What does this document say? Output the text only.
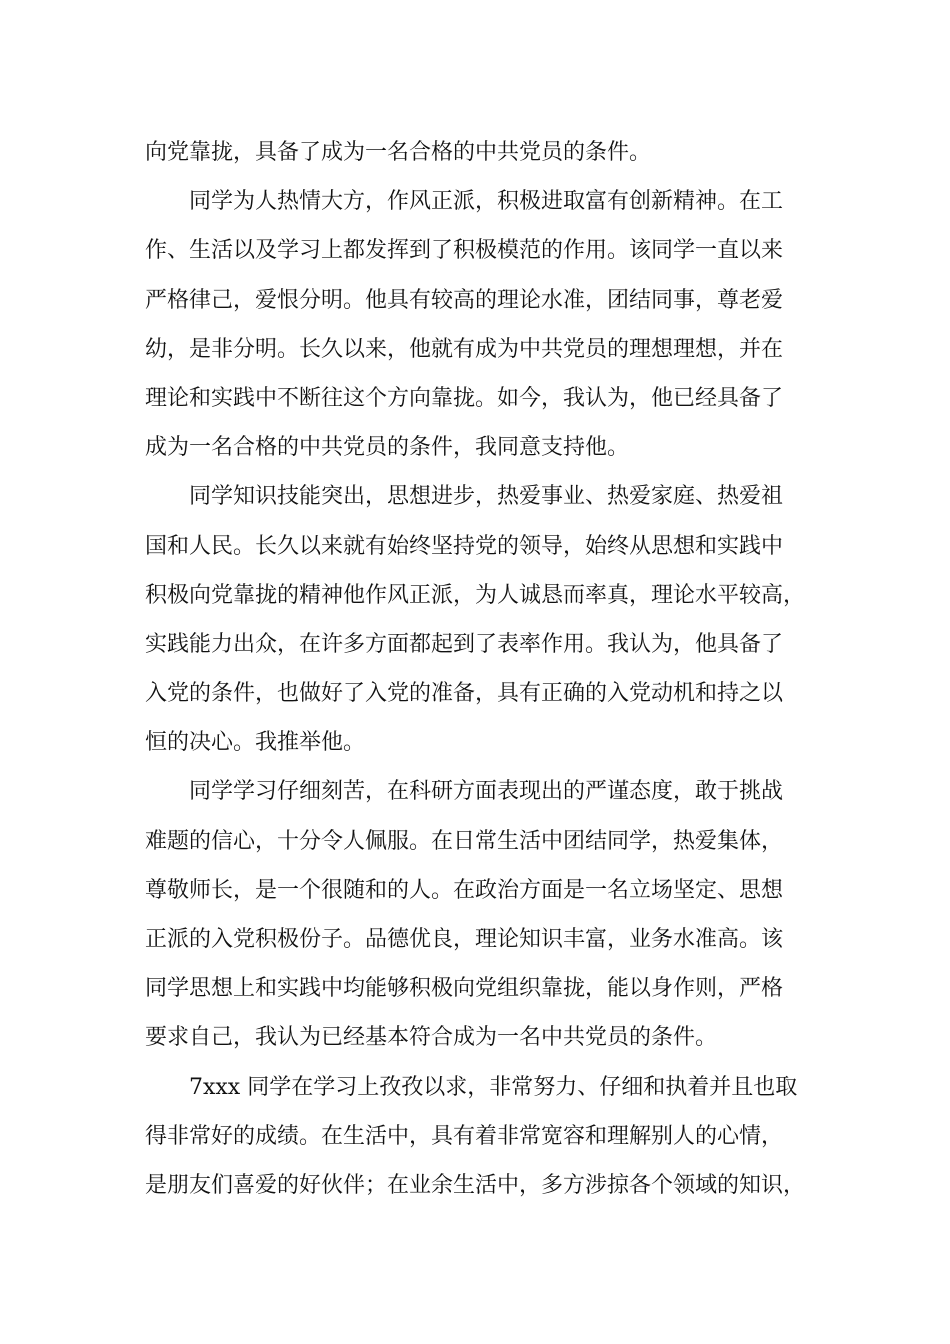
向党靠拢，具备了成为一名合格的中共党员的条件。
同学为人热情大方，作风正派，积极进取富有创新精神。在工
作、生活以及学习上都发挥到了积极模范的作用。该同学一直以来
严格律己，爱恨分明。他具有较高的理论水准，团结同事，尊老爱
幼，是非分明。长久以来，他就有成为中共党员的理想理想，并在
理论和实践中不断往这个方向靠拢。如今，我认为，他已经具备了
成为一名合格的中共党员的条件，我同意支持他。
同学知识技能突出，思想进步，热爱事业、热爱家庭、热爱祖
国和人民。长久以来就有始终坚持党的领导，始终从思想和实践中
积极向党靠拢的精神他作风正派，为人诚恳而率真，理论水平较高，
实践能力出众，在许多方面都起到了表率作用。我认为，他具备了
入党的条件，也做好了入党的准备，具有正确的入党动机和持之以
恒的决心。我推举他。
同学学习仔细刻苦，在科研方面表现出的严谨态度，敢于挑战
难题的信心，十分令人佩服。在日常生活中团结同学，热爱集体，
尊敬师长，是一个很随和的人。在政治方面是一名立场坚定、思想
正派的入党积极份子。品德优良，理论知识丰富，业务水准高。该
同学思想上和实践中均能够积极向党组织靠拢，能以身作则，严格
要求自己，我认为已经基本符合成为一名中共党员的条件。
7xxx 同学在学习上孜孜以求，非常努力、仔细和执着并且也取
得非常好的成绩。在生活中，具有着非常宽容和理解别人的心情，
是朋友们喜爱的好伙伴；在业余生活中，多方涉掠各个领域的知识，
